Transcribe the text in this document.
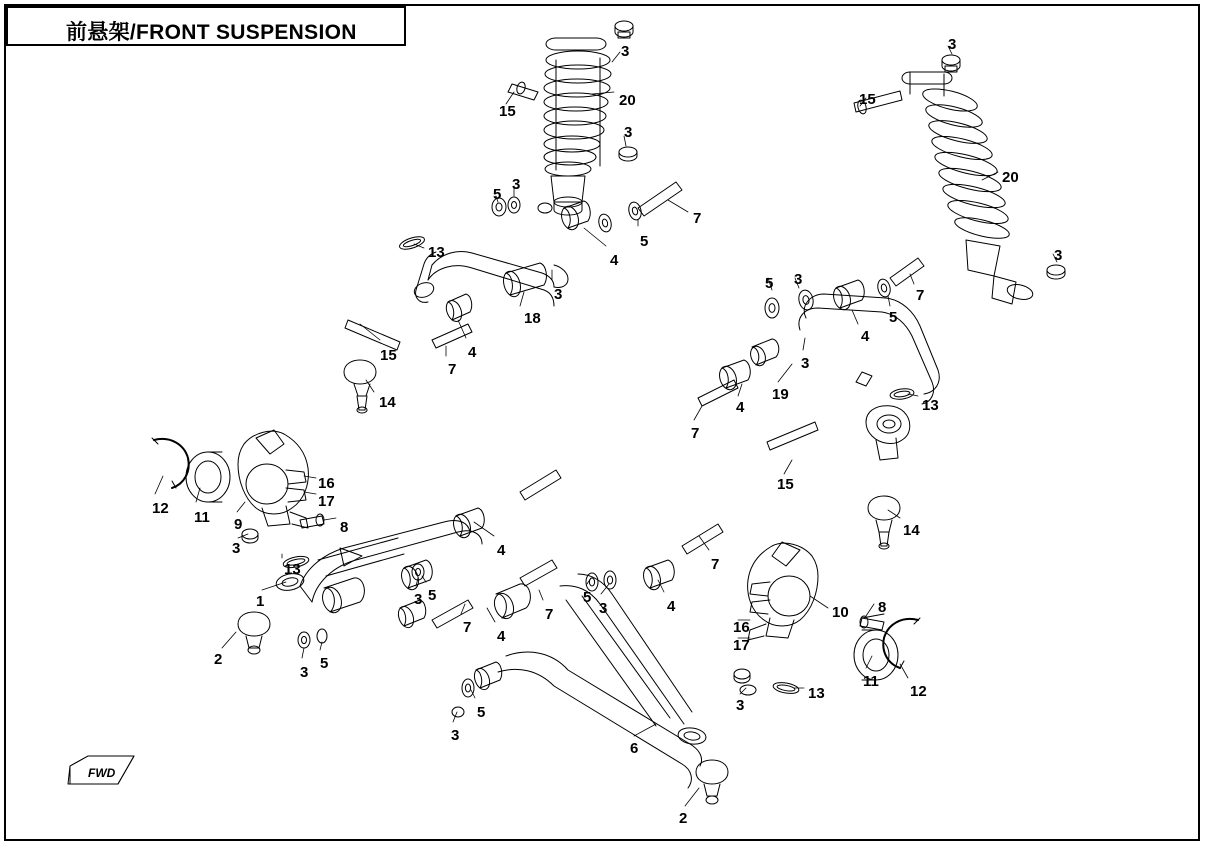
前悬架/FRONT SUSPENSION
FWD
3
20
15
3
5
3
7
5
13	4
3
18
15	4
7
14
16
17
12
11 9	8
3
13
1
2
3
5
3 5
7
4
4
7
5
3	4
7
5
3
6
2
3
13
11
12
8
10
16
17
14
15
7
4
19
13
3
4
5
7
5 3
3
20
15
3
